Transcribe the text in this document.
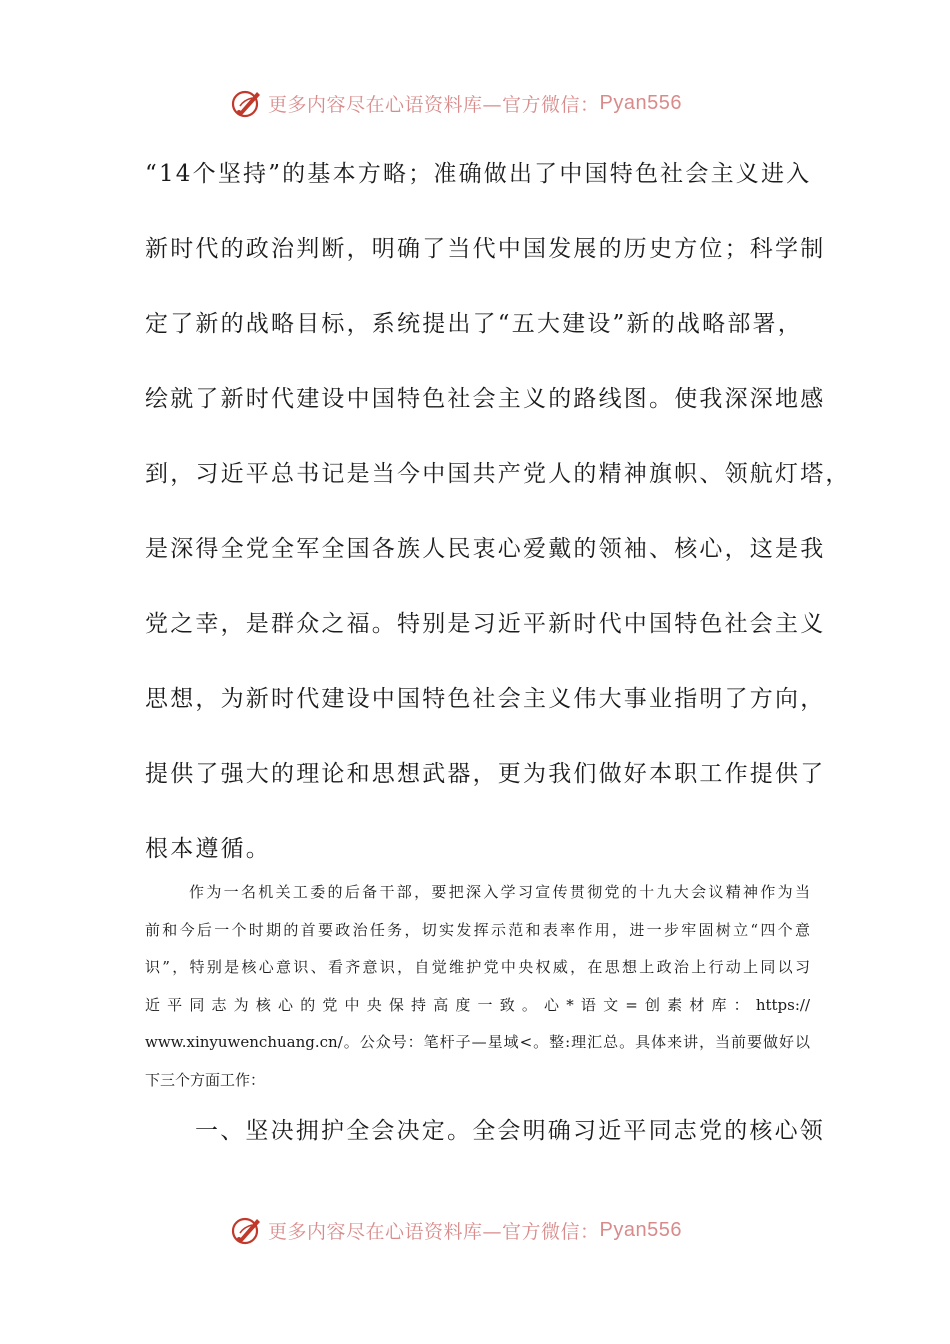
更多内容尽在心语资料库—官方微信： Pyan556

“14个坚持”的基本方略；准确做出了中国特色社会主义进入

新时代的政治判断，明确了当代中国发展的历史方位；科学制

定了新的战略目标，系统提出了“五大建设”新的战略部署，

绘就了新时代建设中国特色社会主义的路线图。使我深深地感

到，习近平总书记是当今中国共产党人的精神旗帜、领航灯塔，

是深得全党全军全国各族人民衷心爱戴的领袖、核心，这是我

党之幸，是群众之福。特别是习近平新时代中国特色社会主义

思想，为新时代建设中国特色社会主义伟大事业指明了方向，

提供了强大的理论和思想武器，更为我们做好本职工作提供了

根本遵循。

作为一名机关工委的后备干部，要把深入学习宣传贯彻党的十九大会议精神作为当
前和今后一个时期的首要政治任务，切实发挥示范和表率作用，进一步牢固树立“四个意
识”，特别是核心意识、看齐意识，自觉维护党中央权威，在思想上政治上行动上同以习
近平同志为核心的党中央保持高度一致。心*语文=创素材库：https://
www.xinyuwenchuang.cn/。公众号：笔杆子—星域<。整:理汇总。具体来讲，当前要做好以
下三个方面工作：

一、坚决拥护全会决定。全会明确习近平同志党的核心领

更多内容尽在心语资料库—官方微信： Pyan556
